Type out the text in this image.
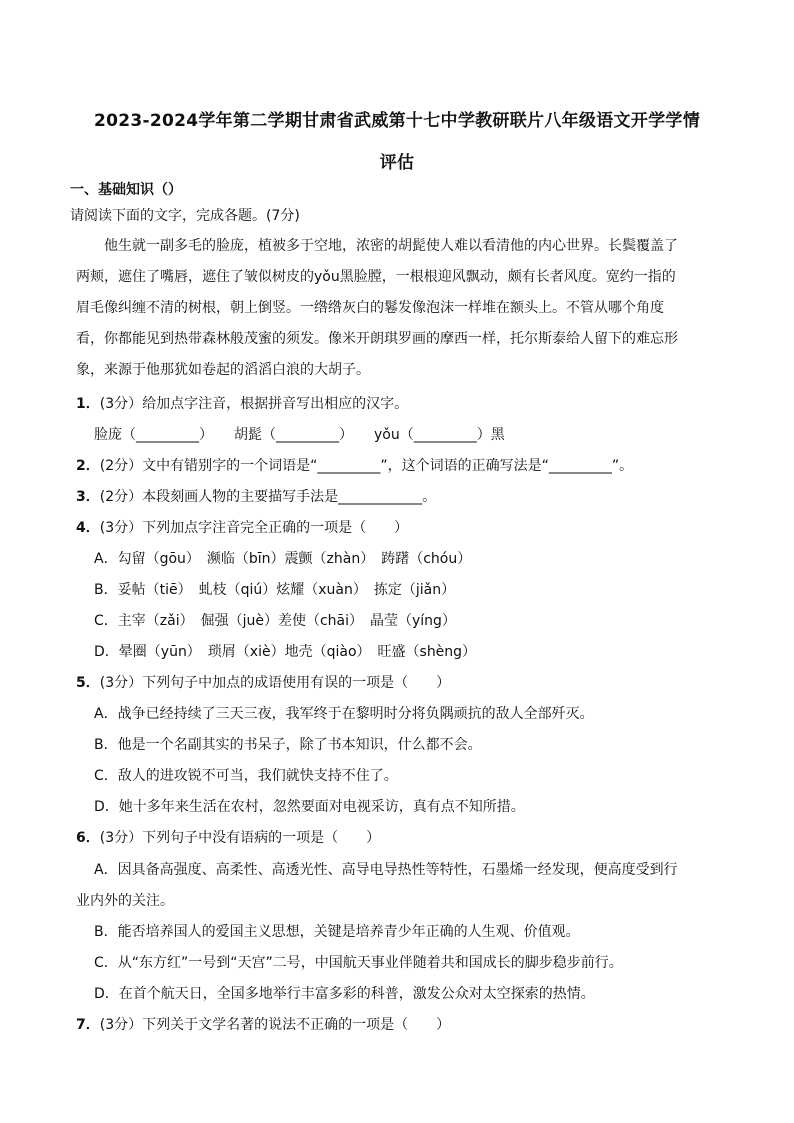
2023-2024学年第二学期甘肃省武威第十七中学教研联片八年级语文开学学情
评估
一、基础知识（）
请阅读下面的文字，完成各题。(7分)
他生就一副多毛的脸庞，植被多于空地，浓密的胡髭使人难以看清他的内心世界。长鬓覆盖了
两颊，遮住了嘴唇，遮住了皱似树皮的yǒu黑脸膛，一根根迎风飘动，颇有长者风度。宽约一指的
眉毛像纠缠不清的树根，朝上倒竖。一绺绺灰白的鬈发像泡沫一样堆在额头上。不管从哪个角度
看，你都能见到热带森林般茂蜜的须发。像米开朗琪罗画的摩西一样，托尔斯泰给人留下的难忘形
象，来源于他那犹如卷起的滔滔白浪的大胡子。
1．(3分）给加点字注音，根据拼音写出相应的汉字。
脸庞（_________）　　胡髭（_________）　　yǒu（_________）黑
2．(2分）文中有错别字的一个词语是“_________”，这个词语的正确写法是“_________”。
3．(2分）本段刻画人物的主要描写手法是____________。
4．(3分）下列加点字注音完全正确的一项是（　　）
A．勾留（gōu）　濒临（bīn）震颤（zhàn）　踌躇（chóu）
B．妥帖（tiē）　虬枝（qiú）炫耀（xuàn）　拣定（jiǎn）
C．主宰（zǎi）　倔强（juè）差使（chāi）　晶莹（yíng）
D．晕圈（yūn）　琐屑（xiè）地壳（qiào）　旺盛（shèng）
5．(3分）下列句子中加点的成语使用有误的一项是（　　）
A．战争已经持续了三天三夜，我军终于在黎明时分将负隅顽抗的敌人全部歼灭。
B．他是一个名副其实的书呆子，除了书本知识，什么都不会。
C．敌人的进攻锐不可当，我们就快支持不住了。
D．她十多年来生活在农村，忽然要面对电视采访，真有点不知所措。
6．(3分）下列句子中没有语病的一项是（　　）
A．因具备高强度、高柔性、高透光性、高导电导热性等特性，石墨烯一经发现，便高度受到行
业内外的关注。
B．能否培养国人的爱国主义思想，关键是培养青少年正确的人生观、价值观。
C．从“东方红”一号到“天宫”二号，中国航天事业伴随着共和国成长的脚步稳步前行。
D．在首个航天日，全国多地举行丰富多彩的科普，激发公众对太空探索的热情。
7．(3分）下列关于文学名著的说法不正确的一项是（　　）
